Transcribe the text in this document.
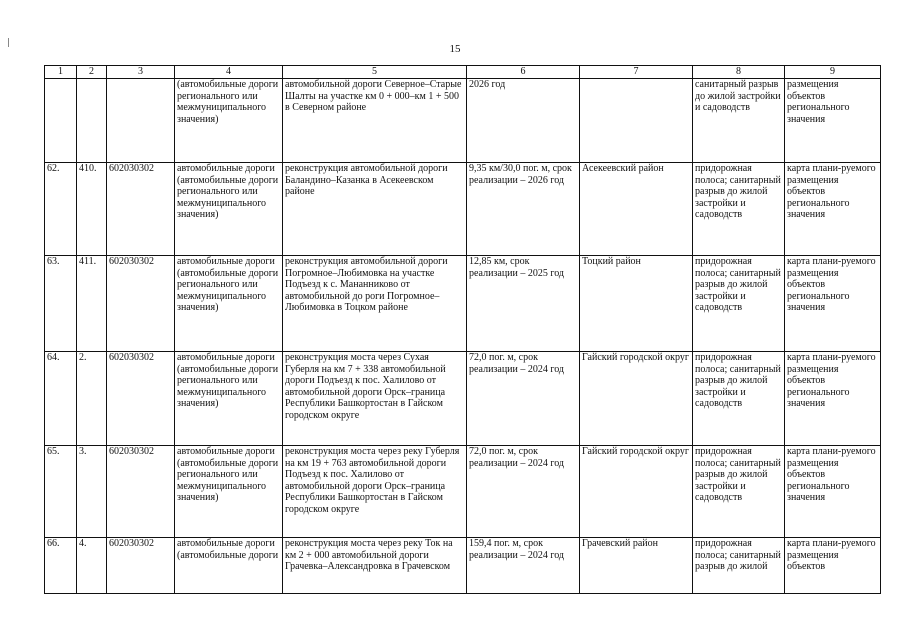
15
1	2	3	4	5	6	7	8	9
			(автомобильные дороги регионального или межмуниципального значения)	автомобильной дороги Северное–Старые Шалты на участке км 0 + 000–км 1 + 500 в Северном районе	2026 год		санитарный разрыв до жилой застройки и садоводств	размещения объектов регионального значения
62.	410.	602030302	автомобильные дороги (автомобильные дороги регионального или межмуниципального значения)	реконструкция автомобильной дороги Баландино–Казанка в Асекеевском районе	9,35 км/30,0 пог. м, срок реализации – 2026 год	Асекеевский район	придорожная полоса; санитарный разрыв до жилой застройки и садоводств	карта плани-руемого размещения объектов регионального значения
63.	411.	602030302	автомобильные дороги (автомобильные дороги регионального или межмуниципального значения)	реконструкция автомобильной дороги Погромное–Любимовка на участке Подъезд к с. Мананниково от автомобильной до роги Погромное–Любимовка в Тоцком районе	12,85 км, срок реализации – 2025 год	Тоцкий район	придорожная полоса; санитарный разрыв до жилой застройки и садоводств	карта плани-руемого размещения объектов регионального значения
64.	2.	602030302	автомобильные дороги (автомобильные дороги регионального или межмуниципального значения)	реконструкция моста через Сухая Губерля на км 7 + 338 автомобильной дороги Подъезд к пос. Халилово от автомобильной дороги Орск–граница Республики Башкортостан в Гайском городском округе	72,0 пог. м, срок реализации – 2024 год	Гайский городской округ	придорожная полоса; санитарный разрыв до жилой застройки и садоводств	карта плани-руемого размещения объектов регионального значения
65.	3.	602030302	автомобильные дороги (автомобильные дороги регионального или межмуниципального значения)	реконструкция моста через реку Губерля на км 19 + 763 автомобильной дороги Подъезд к пос. Халилово от автомобильной дороги Орск–граница Республики Башкортостан в Гайском городском округе	72,0 пог. м, срок реализации – 2024 год	Гайский городской округ	придорожная полоса; санитарный разрыв до жилой застройки и садоводств	карта плани-руемого размещения объектов регионального значения
66.	4.	602030302	автомобильные дороги (автомобильные дороги	реконструкция моста через реку Ток на км 2 + 000 автомобильной дороги Грачевка–Александровка в Грачевском	159,4 пог. м, срок реализации – 2024 год	Грачевский район	придорожная полоса; санитарный разрыв до жилой	карта плани-руемого размещения объектов
